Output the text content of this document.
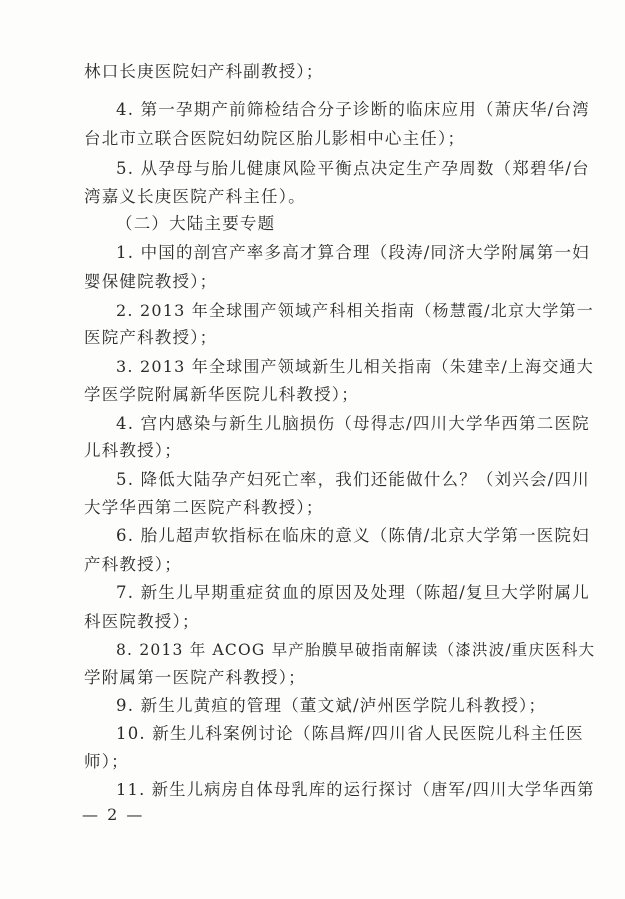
林口长庚医院妇产科副教授）；
4. 第一孕期产前筛检结合分子诊断的临床应用（萧庆华/台湾
台北市立联合医院妇幼院区胎儿影相中心主任）；
5. 从孕母与胎儿健康风险平衡点决定生产孕周数（郑碧华/台
湾嘉义长庚医院产科主任）。
（二）大陆主要专题
1. 中国的剖宫产率多高才算合理（段涛/同济大学附属第一妇
婴保健院教授）；
2. 2013 年全球围产领域产科相关指南（杨慧霞/北京大学第一
医院产科教授）；
3. 2013 年全球围产领域新生儿相关指南（朱建幸/上海交通大
学医学院附属新华医院儿科教授）；
4. 宫内感染与新生儿脑损伤（母得志/四川大学华西第二医院
儿科教授）；
5. 降低大陆孕产妇死亡率，我们还能做什么？（刘兴会/四川
大学华西第二医院产科教授）；
6. 胎儿超声软指标在临床的意义（陈倩/北京大学第一医院妇
产科教授）；
7. 新生儿早期重症贫血的原因及处理（陈超/复旦大学附属儿
科医院教授）；
8. 2013 年 ACOG 早产胎膜早破指南解读（漆洪波/重庆医科大
学附属第一医院产科教授）；
9. 新生儿黄疸的管理（董文斌/泸州医学院儿科教授）；
10. 新生儿科案例讨论（陈昌辉/四川省人民医院儿科主任医
师）；
11. 新生儿病房自体母乳库的运行探讨（唐军/四川大学华西第
— 2 —
